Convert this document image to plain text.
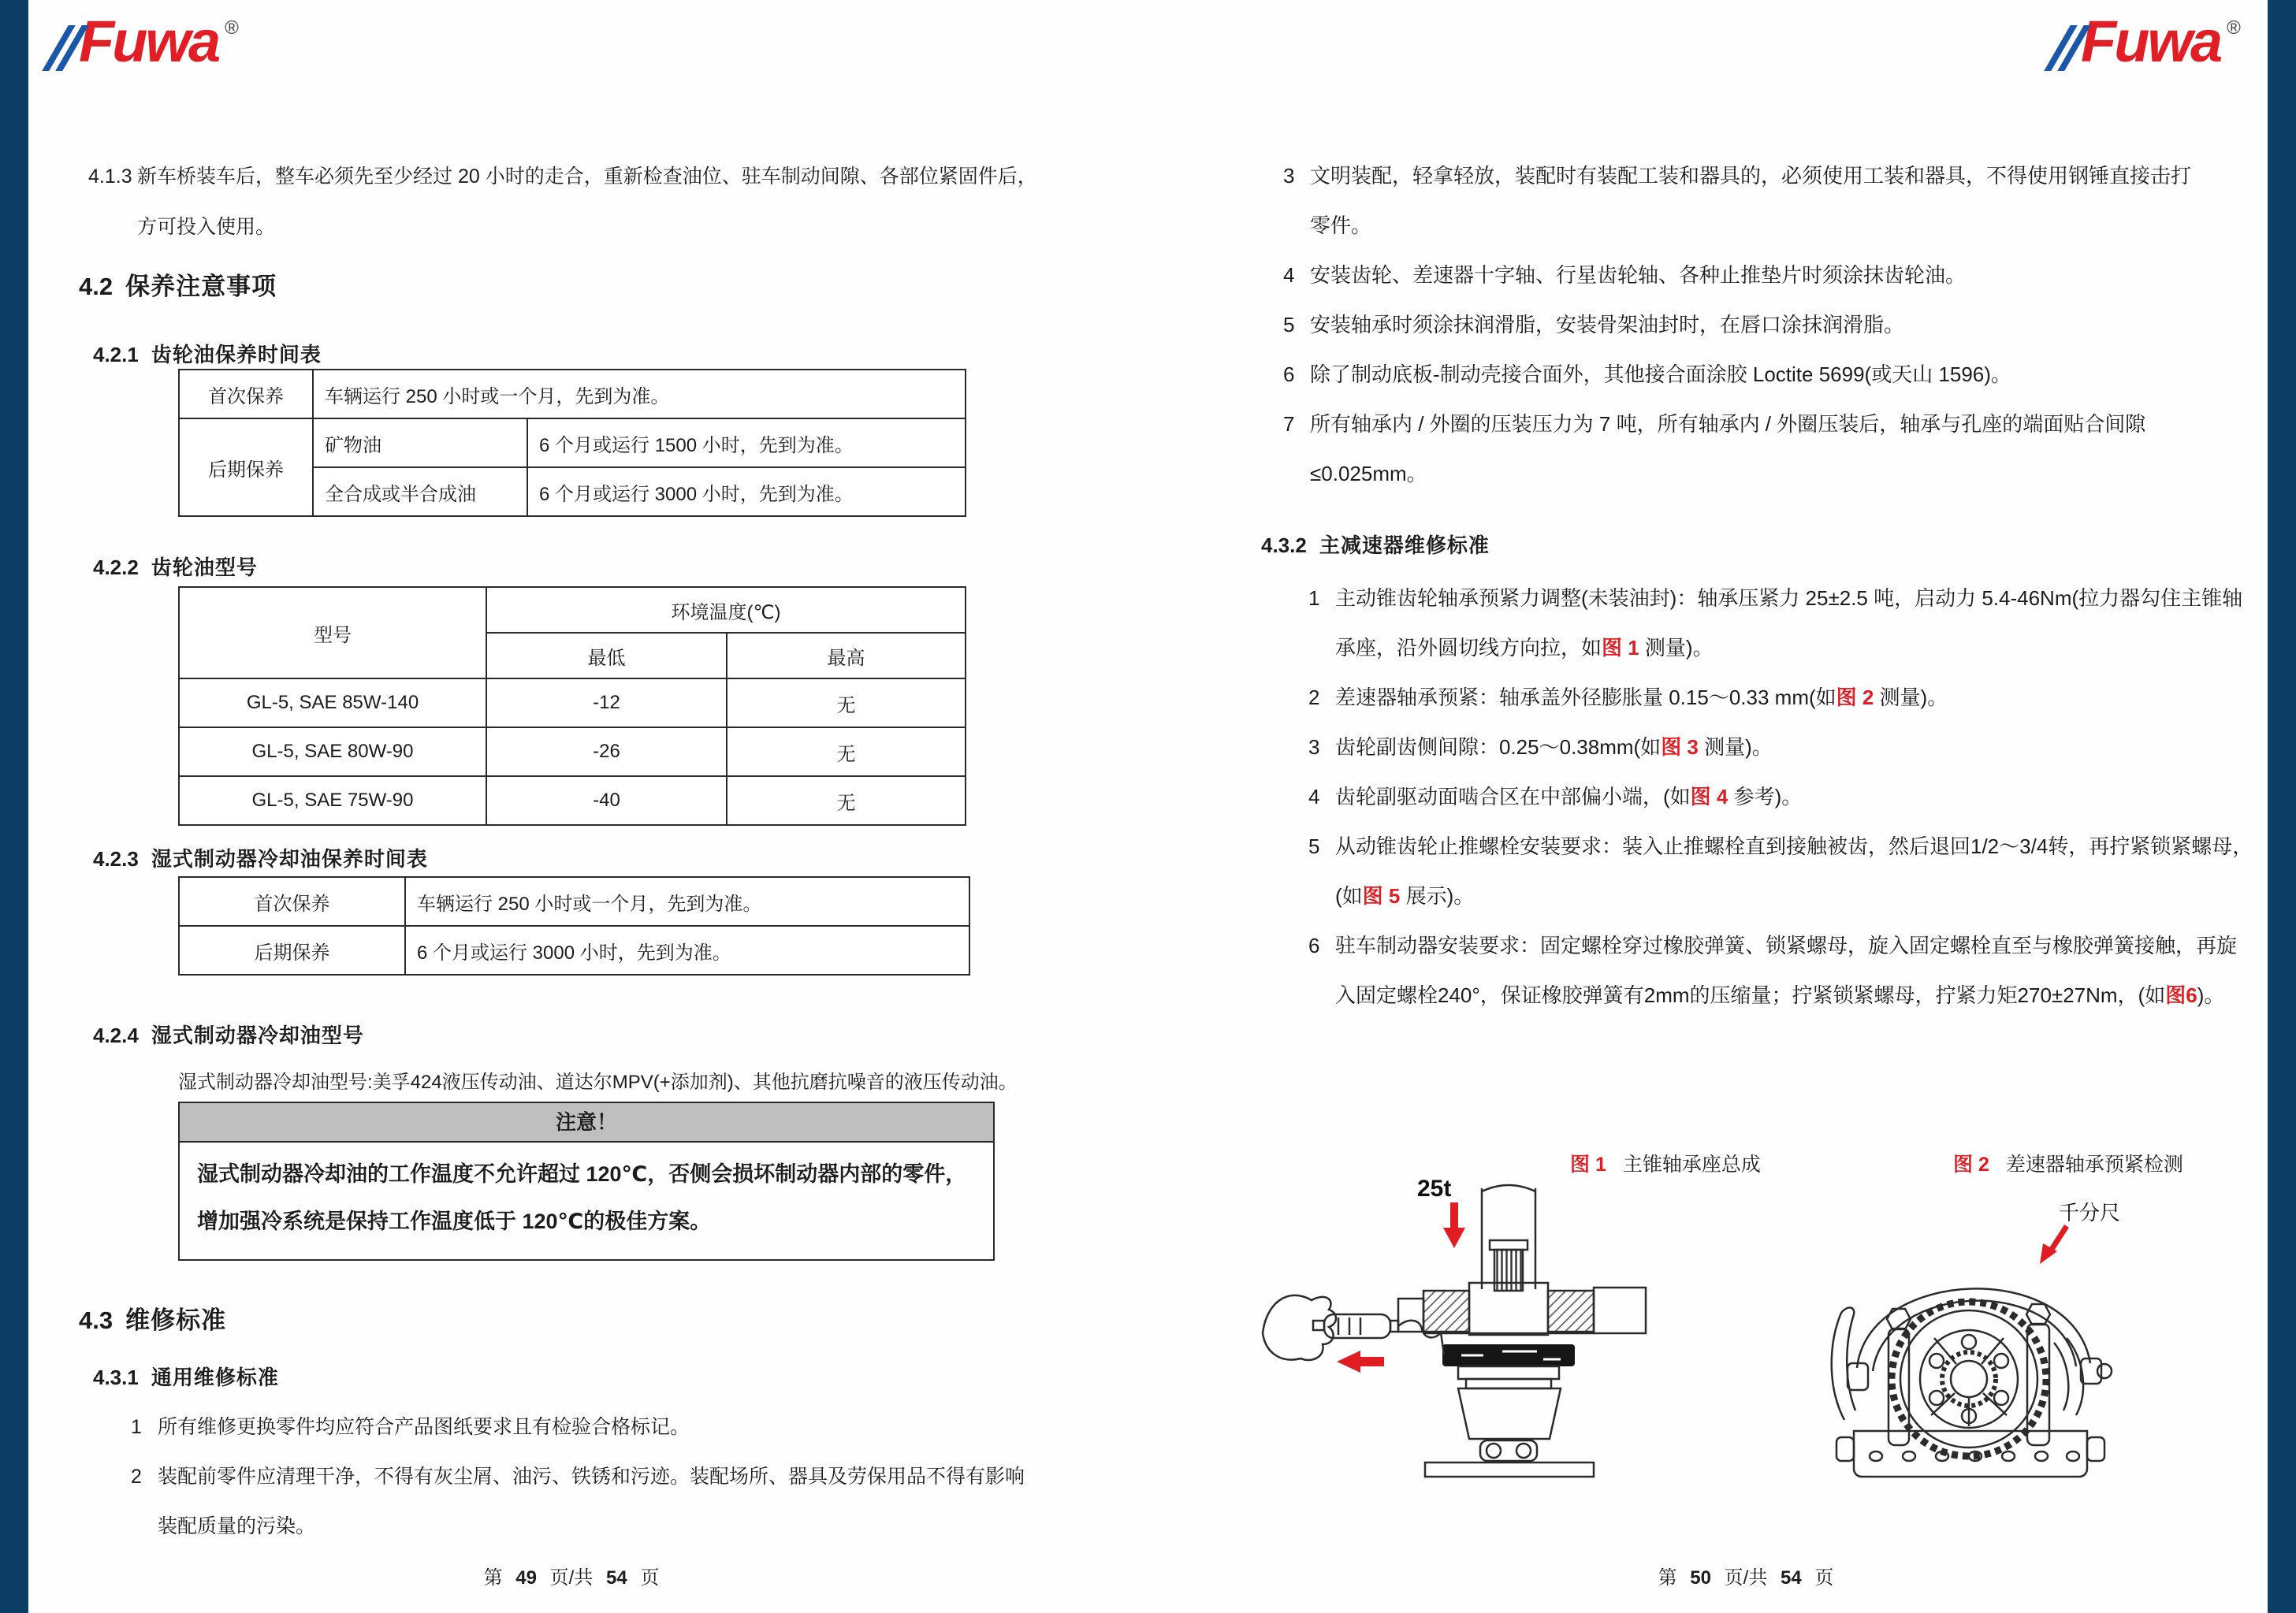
Fuwa ®
4.1.3 新车桥装车后，整车必须先至少经过 20 小时的走合，重新检查油位、驻车制动间隙、各部位紧固件后，方可投入使用。
4.2 保养注意事项
4.2.1 齿轮油保养时间表
首次保养	车辆运行 250 小时或一个月，先到为准。	
后期保养	矿物油	6 个月或运行 1500 小时，先到为准。
	全合成或半合成油	6 个月或运行 3000 小时，先到为准。
4.2.2 齿轮油型号
型号	环境温度(℃)	
	最低	最高
GL-5, SAE 85W-140	-12	无
GL-5, SAE 80W-90	-26	无
GL-5, SAE 75W-90	-40	无
4.2.3 湿式制动器冷却油保养时间表
首次保养	车辆运行 250 小时或一个月，先到为准。
后期保养	6 个月或运行 3000 小时，先到为准。
4.2.4 湿式制动器冷却油型号
湿式制动器冷却油型号:美孚424液压传动油、道达尔MPV(+添加剂)、其他抗磨抗噪音的液压传动油。
注意！
湿式制动器冷却油的工作温度不允许超过 120℃，否侧会损坏制动器内部的零件，增加强冷系统是保持工作温度低于 120℃的极佳方案。
4.3 维修标准
4.3.1 通用维修标准
1 所有维修更换零件均应符合产品图纸要求且有检验合格标记。
2 装配前零件应清理干净，不得有灰尘屑、油污、铁锈和污迹。装配场所、器具及劳保用品不得有影响装配质量的污染。
第 49 页/共 54 页
Fuwa ®
3 文明装配，轻拿轻放，装配时有装配工装和器具的，必须使用工装和器具，不得使用钢锤直接击打零件。
4 安装齿轮、差速器十字轴、行星齿轮轴、各种止推垫片时须涂抹齿轮油。
5 安装轴承时须涂抹润滑脂，安装骨架油封时，在唇口涂抹润滑脂。
6 除了制动底板-制动壳接合面外，其他接合面涂胶 Loctite 5699(或天山 1596)。
7 所有轴承内 / 外圈的压装压力为 7 吨，所有轴承内 / 外圈压装后，轴承与孔座的端面贴合间隙≤0.025mm。
4.3.2 主减速器维修标准
1 主动锥齿轮轴承预紧力调整(未装油封)：轴承压紧力 25±2.5 吨，启动力 5.4-46Nm(拉力器勾住主锥轴承座，沿外圆切线方向拉，如图 1 测量)。
2 差速器轴承预紧：轴承盖外径膨胀量 0.15～0.33 mm(如图 2 测量)。
3 齿轮副齿侧间隙：0.25～0.38mm(如图 3 测量)。
4 齿轮副驱动面啮合区在中部偏小端，(如图 4 参考)。
5 从动锥齿轮止推螺栓安装要求：装入止推螺栓直到接触被齿，然后退回1/2～3/4转，再拧紧锁紧螺母，(如图 5 展示)。
6 驻车制动器安装要求：固定螺栓穿过橡胶弹簧、锁紧螺母，旋入固定螺栓直至与橡胶弹簧接触，再旋入固定螺栓240°，保证橡胶弹簧有2mm的压缩量；拧紧锁紧螺母，拧紧力矩270±27Nm，(如图6)。
图 1 主锥轴承座总成	图 2 差速器轴承预紧检测
25t
千分尺
第 50 页/共 54 页
